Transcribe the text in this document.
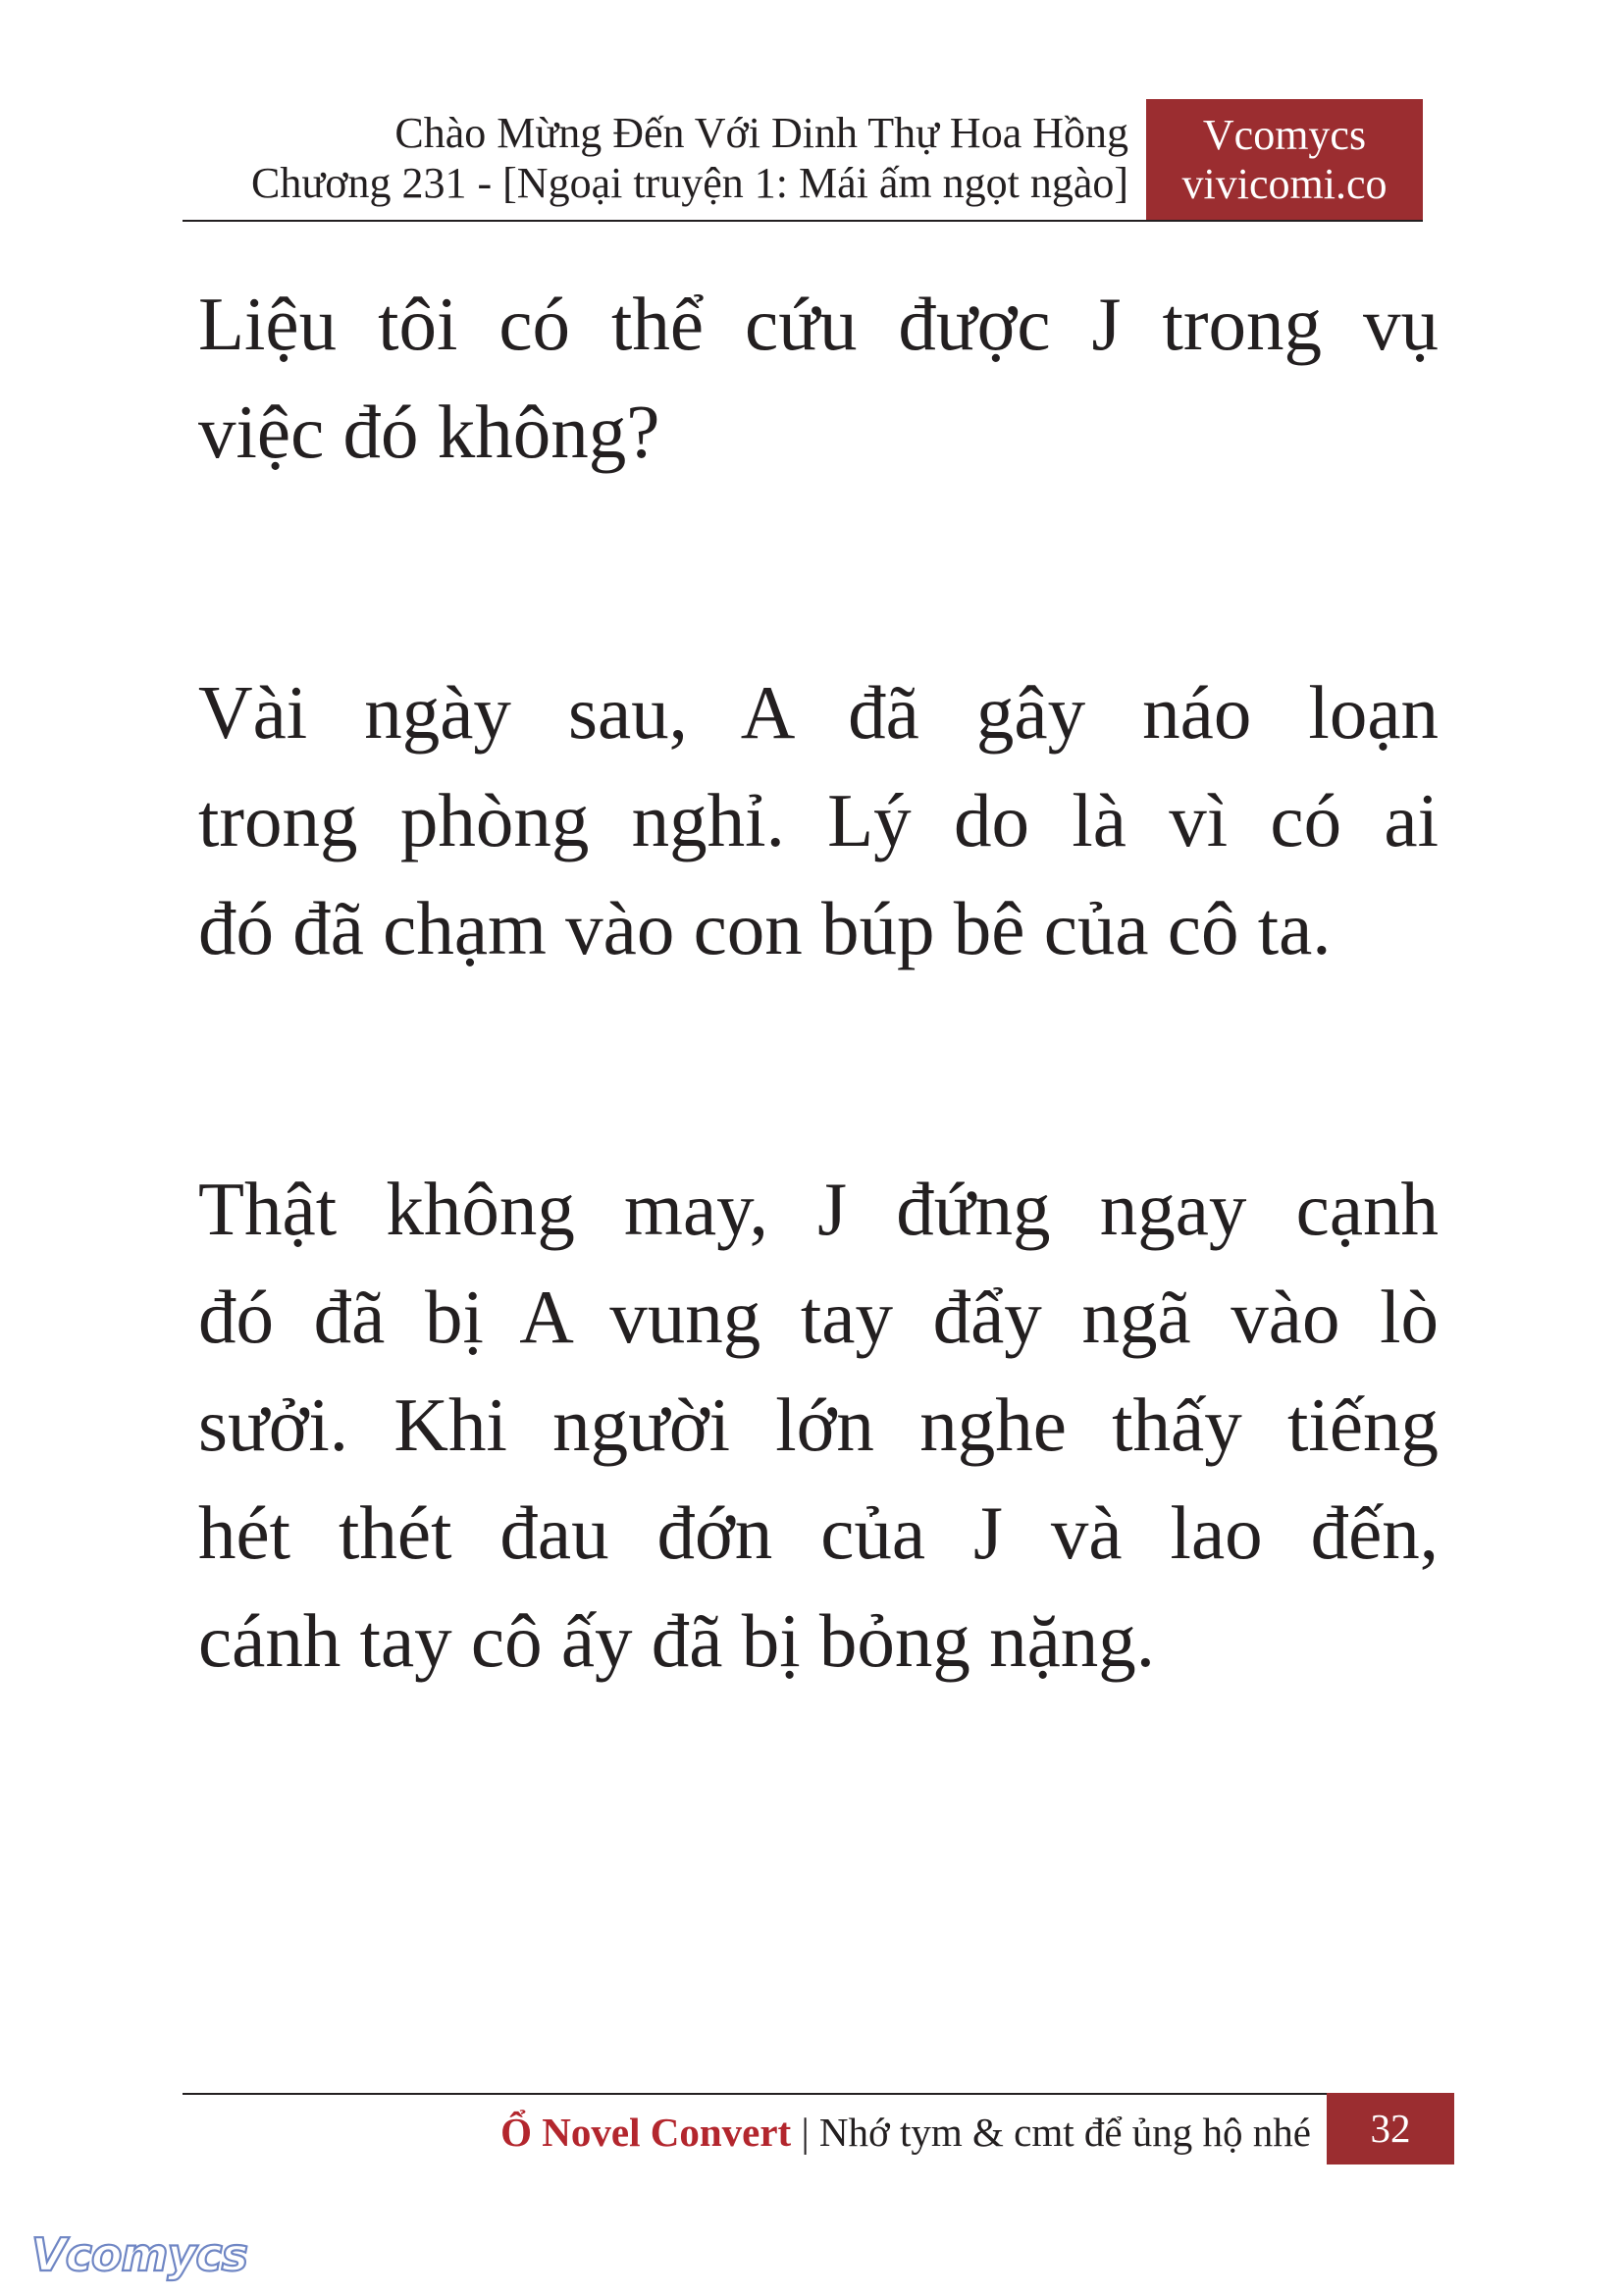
Chào Mừng Đến Với Dinh Thự Hoa Hồng
Chương 231 - [Ngoại truyện 1: Mái ấm ngọt ngào]
Vcomycs
vivicomi.co
Liệu tôi có thể cứu được J trong vụ
việc đó không?
Vài ngày sau, A đã gây náo loạn
trong phòng nghỉ. Lý do là vì có ai
đó đã chạm vào con búp bê của cô ta.
Thật không may, J đứng ngay cạnh
đó đã bị A vung tay đẩy ngã vào lò
sưởi. Khi người lớn nghe thấy tiếng
hét thét đau đớn của J và lao đến,
cánh tay cô ấy đã bị bỏng nặng.
Ổ Novel Convert | Nhớ tym & cmt để ủng hộ nhé	32
Vcomycs
